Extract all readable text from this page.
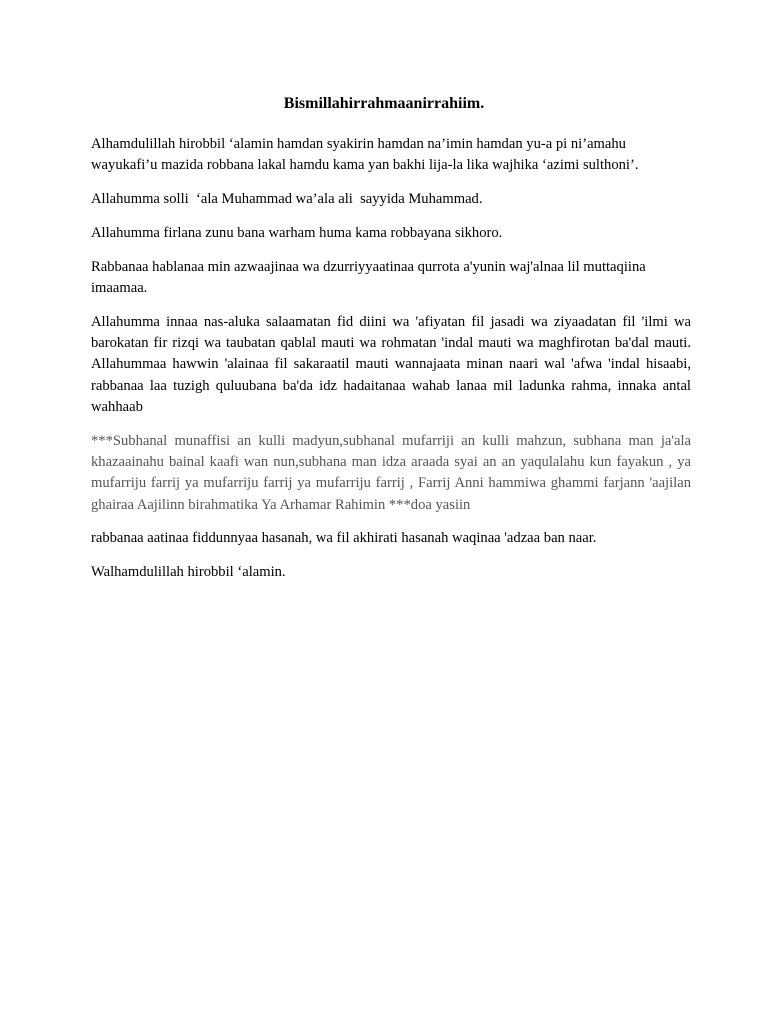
Bismillahirrahmaanirrahiim.

Alhamdulillah hirobbil ‘alamin hamdan syakirin hamdan na’imin hamdan yu-a pi ni’amahu wayukafi’u mazida robbana lakal hamdu kama yan bakhi lija-la lika wajhika ‘azimi sulthoni’.

Allahumma solli  ‘ala Muhammad wa’ala ali  sayyida Muhammad.

Allahumma firlana zunu bana warham huma kama robbayana sikhoro.

Rabbanaa hablanaa min azwaajinaa wa dzurriyyaatinaa qurrota a'yunin waj'alnaa lil muttaqiina imaamaa.

Allahumma innaa nas-aluka salaamatan fid diini wa 'afiyatan fil jasadi wa ziyaadatan fil 'ilmi wa barokatan fir rizqi wa taubatan qablal mauti wa rohmatan 'indal mauti wa maghfirotan ba'dal mauti. Allahummaa hawwin 'alainaa fil sakaraatil mauti wannajaata minan naari wal 'afwa 'indal hisaabi, rabbanaa laa tuzigh quluubana ba'da idz hadaitanaa wahab lanaa mil ladunka rahma, innaka antal wahhaab

***Subhanal munaffisi an kulli madyun,subhanal mufarriji an kulli mahzun, subhana man ja'ala khazaainahu bainal kaafi wan nun,subhana man idza araada syai an an yaqulalahu kun fayakun , ya mufarriju farrij ya mufarriju farrij ya mufarriju farrij , Farrij Anni hammiwa ghammi farjann 'aajilan ghairaa Aajilinn birahmatika Ya Arhamar Rahimin ***doa yasiin

rabbanaa aatinaa fiddunnyaa hasanah, wa fil akhirati hasanah waqinaa 'adzaa ban naar.

Walhamdulillah hirobbil ‘alamin.
